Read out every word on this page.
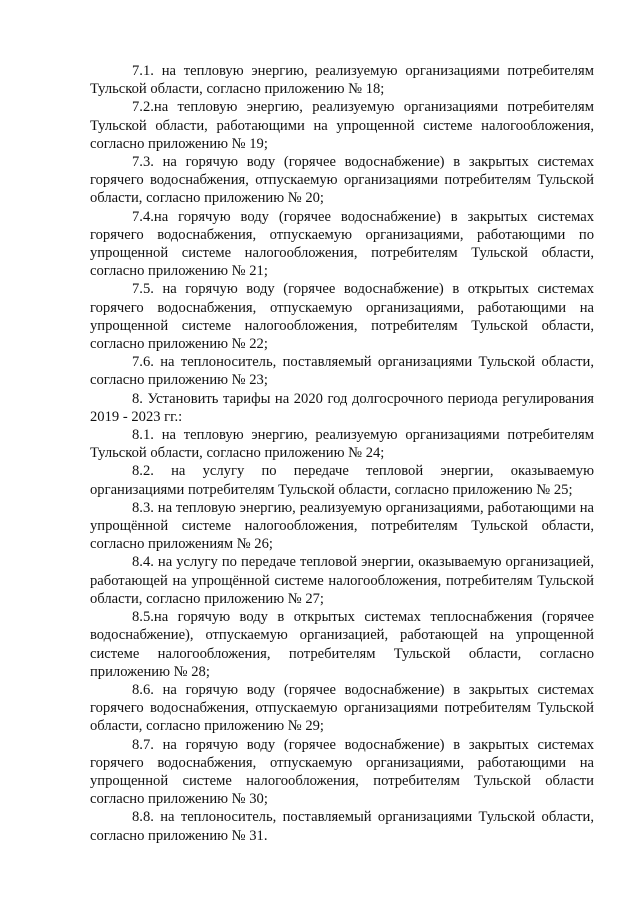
7.1. на тепловую энергию, реализуемую организациями потребителям Тульской области, согласно приложению № 18;

7.2.на тепловую энергию, реализуемую организациями потребителям Тульской области, работающими на упрощенной системе налогообложения, согласно приложению № 19;

7.3. на горячую воду (горячее водоснабжение) в закрытых системах горячего водоснабжения, отпускаемую организациями потребителям Тульской области, согласно приложению № 20;

7.4.на горячую воду (горячее водоснабжение) в закрытых системах горячего водоснабжения, отпускаемую организациями, работающими по упрощенной системе налогообложения, потребителям Тульской области, согласно приложению № 21;

7.5. на горячую воду (горячее водоснабжение) в открытых системах горячего водоснабжения, отпускаемую организациями, работающими на упрощенной системе налогообложения, потребителям Тульской области, согласно приложению № 22;

7.6. на теплоноситель, поставляемый организациями Тульской области, согласно приложению № 23;

8. Установить тарифы на 2020 год долгосрочного периода регулирования 2019 - 2023 гг.:

8.1. на тепловую энергию, реализуемую организациями потребителям Тульской области, согласно приложению № 24;

8.2. на услугу по передаче тепловой энергии, оказываемую организациями потребителям Тульской области, согласно приложению № 25;

8.3. на тепловую энергию, реализуемую организациями, работающими на упрощённой системе налогообложения, потребителям Тульской области, согласно приложениям № 26;

8.4. на услугу по передаче тепловой энергии, оказываемую организацией, работающей на упрощённой системе налогообложения, потребителям Тульской области, согласно приложению № 27;

8.5.на горячую воду в открытых системах теплоснабжения (горячее водоснабжение), отпускаемую организацией, работающей на упрощенной системе налогообложения, потребителям Тульской области, согласно приложению № 28;

8.6. на горячую воду (горячее водоснабжение) в закрытых системах горячего водоснабжения, отпускаемую организациями потребителям Тульской области, согласно приложению № 29;

8.7. на горячую воду (горячее водоснабжение) в закрытых системах горячего водоснабжения, отпускаемую организациями, работающими на упрощенной системе налогообложения, потребителям Тульской области согласно приложению № 30;

8.8. на теплоноситель, поставляемый организациями Тульской области, согласно приложению № 31.
